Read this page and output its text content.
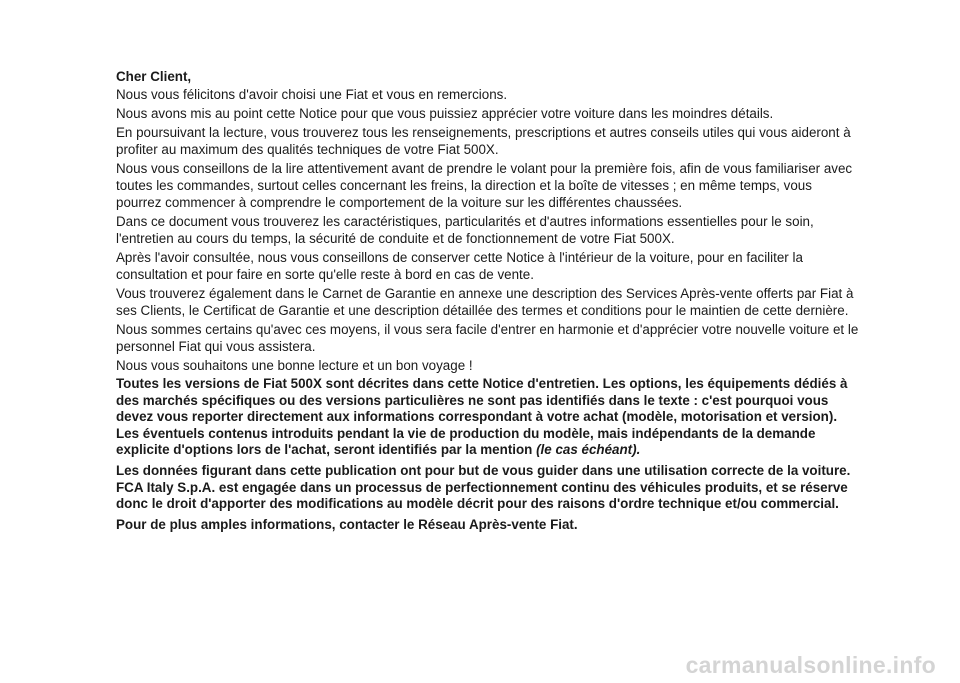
Cher Client,

Nous vous félicitons d'avoir choisi une Fiat et vous en remercions.

Nous avons mis au point cette Notice pour que vous puissiez apprécier votre voiture dans les moindres détails.

En poursuivant la lecture, vous trouverez tous les renseignements, prescriptions et autres conseils utiles qui vous aideront à profiter au maximum des qualités techniques de votre Fiat 500X.

Nous vous conseillons de la lire attentivement avant de prendre le volant pour la première fois, afin de vous familiariser avec toutes les commandes, surtout celles concernant les freins, la direction et la boîte de vitesses ; en même temps, vous pourrez commencer à comprendre le comportement de la voiture sur les différentes chaussées.

Dans ce document vous trouverez les caractéristiques, particularités et d'autres informations essentielles pour le soin, l'entretien au cours du temps, la sécurité de conduite et de fonctionnement de votre Fiat 500X.

Après l'avoir consultée, nous vous conseillons de conserver cette Notice à l'intérieur de la voiture, pour en faciliter la consultation et pour faire en sorte qu'elle reste à bord en cas de vente.

Vous trouverez également dans le Carnet de Garantie en annexe une description des Services Après-vente offerts par Fiat à ses Clients, le Certificat de Garantie et une description détaillée des termes et conditions pour le maintien de cette dernière.

Nous sommes certains qu'avec ces moyens, il vous sera facile d'entrer en harmonie et d'apprécier votre nouvelle voiture et le personnel Fiat qui vous assistera.

Nous vous souhaitons une bonne lecture et un bon voyage !

Toutes les versions de Fiat 500X sont décrites dans cette Notice d'entretien. Les options, les équipements dédiés à des marchés spécifiques ou des versions particulières ne sont pas identifiés dans le texte : c'est pourquoi vous devez vous reporter directement aux informations correspondant à votre achat (modèle, motorisation et version). Les éventuels contenus introduits pendant la vie de production du modèle, mais indépendants de la demande explicite d'options lors de l'achat, seront identifiés par la mention (le cas échéant).

Les données figurant dans cette publication ont pour but de vous guider dans une utilisation correcte de la voiture. FCA Italy S.p.A. est engagée dans un processus de perfectionnement continu des véhicules produits, et se réserve donc le droit d'apporter des modifications au modèle décrit pour des raisons d'ordre technique et/ou commercial.

Pour de plus amples informations, contacter le Réseau Après-vente Fiat.

carmanualsonline.info
